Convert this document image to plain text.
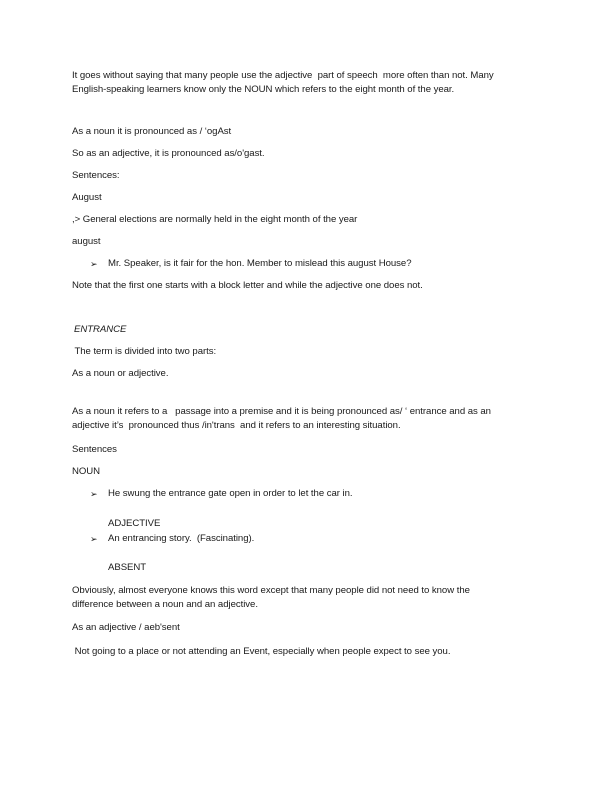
It goes without saying that many people use the adjective  part of speech  more often than not. Many
English-speaking learners know only the NOUN which refers to the eight month of the year.
As a noun it is pronounced as / ‘ogAst
So as an adjective, it is pronounced as/o'gast.
Sentences:
August
,> General elections are normally held in the eight month of the year
august
➢ Mr. Speaker, is it fair for the hon. Member to mislead this august House?
Note that the first one starts with a block letter and while the adjective one does not.
ENTRANCE
The term is divided into two parts:
As a noun or adjective.
As a noun it refers to a   passage into a premise and it is being pronounced as/ ‘ entrance and as an
adjective it’s  pronounced thus /in'trans  and it refers to an interesting situation.
Sentences
NOUN
➢ He swung the entrance gate open in order to let the car in.
ADJECTIVE
➢ An entrancing story.  (Fascinating).
ABSENT
Obviously, almost everyone knows this word except that many people did not need to know the
difference between a noun and an adjective.
As an adjective / aeb'sent
Not going to a place or not attending an Event, especially when people expect to see you.
